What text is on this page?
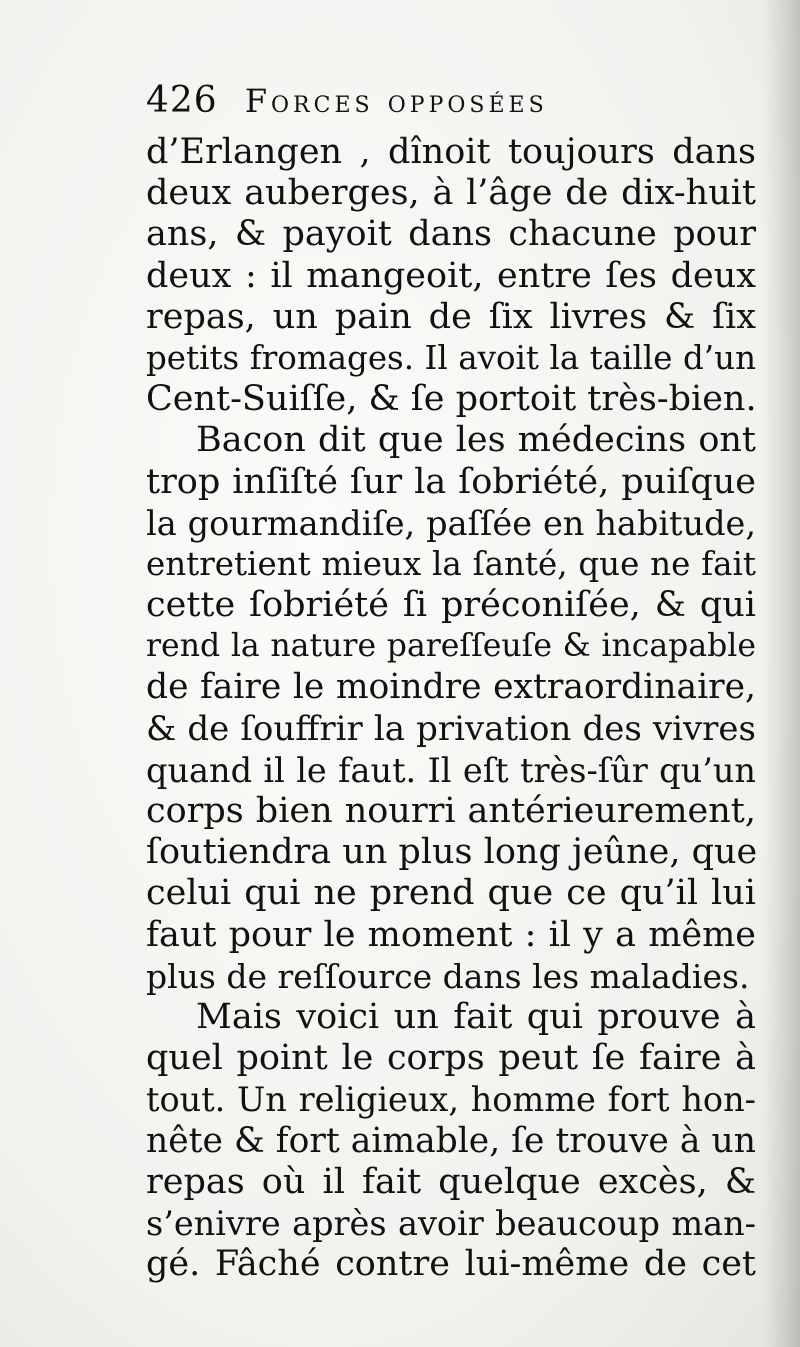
426 Forces opposées
d’Erlangen , dînoit toujours dans
deux auberges, à l’âge de dix-huit
ans, & payoit dans chacune pour
deux : il mangeoit, entre ſes deux
repas, un pain de ſix livres & ſix
petits fromages. Il avoit la taille d’un
Cent-Suiſſe, & ſe portoit très-bien.
Bacon dit que les médecins ont
trop inſiſté ſur la ſobriété, puiſque
la gourmandiſe, paſſée en habitude,
entretient mieux la ſanté, que ne fait
cette ſobriété ſi préconiſée, & qui
rend la nature pareſſeuſe & incapable
de faire le moindre extraordinaire,
& de ſouffrir la privation des vivres
quand il le faut. Il eſt très-ſûr qu’un
corps bien nourri antérieurement,
ſoutiendra un plus long jeûne, que
celui qui ne prend que ce qu’il lui
faut pour le moment : il y a même
plus de reſſource dans les maladies.
Mais voici un fait qui prouve à
quel point le corps peut ſe faire à
tout. Un religieux, homme fort hon-
nête & fort aimable, ſe trouve à un
repas où il fait quelque excès, &
s’enivre après avoir beaucoup man-
gé. Fâché contre lui-même de cet
